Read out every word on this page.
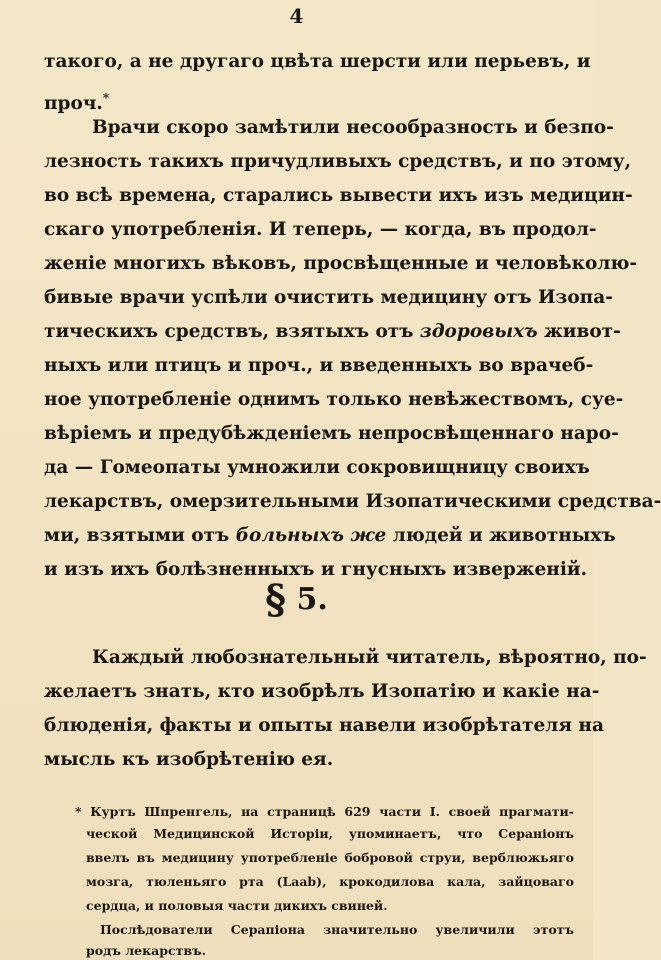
4
такого, а не другаго цвѣта шерсти или перьевъ, и
проч.*
Врачи скоро замѣтили несообразность и безпо-
лезность такихъ причудливыхъ средствъ, и по этому,
во всѣ времена, старались вывести ихъ изъ медицин-
скаго употребленія. И теперь, — когда, въ продол-
женіе многихъ вѣковъ, просвѣщенные и человѣколю-
бивые врачи успѣли очистить медицину отъ Изопа-
тическихъ средствъ, взятыхъ отъ здоровыхъ живот-
ныхъ или птицъ и проч., и введенныхъ во врачеб-
ное употребленіе однимъ только невѣжествомъ, суе-
вѣріемъ и предубѣжденіемъ непросвѣщеннаго наро-
да — Гомеопаты умножили сокровищницу своихъ
лекарствъ, омерзительными Изопатическими средства-
ми, взятыми отъ больныхъ же людей и животныхъ
и изъ ихъ болѣзненныхъ и гнусныхъ изверженій.
§ 5.
Каждый любознательный читатель, вѣроятно, по-
желаетъ знать, кто изобрѣлъ Изопатію и какіе на-
блюденія, факты и опыты навели изобрѣтателя на
мысль къ изобрѣтенію ея.
* Куртъ Шпренгель, на страницѣ 629 части I. своей прагмати-
ческой Медицинской Исторіи, упоминаетъ, что Сераніонъ
ввелъ въ медицину употребленіе бобровой струи, верблюжьяго
мозга, тюленьяго рта (Laab), крокодилова кала, зайцоваго
сердца, и половыя части дикихъ свиней.
Послѣдователи Серапіона значительно увеличили этотъ
родъ лекарствъ.
